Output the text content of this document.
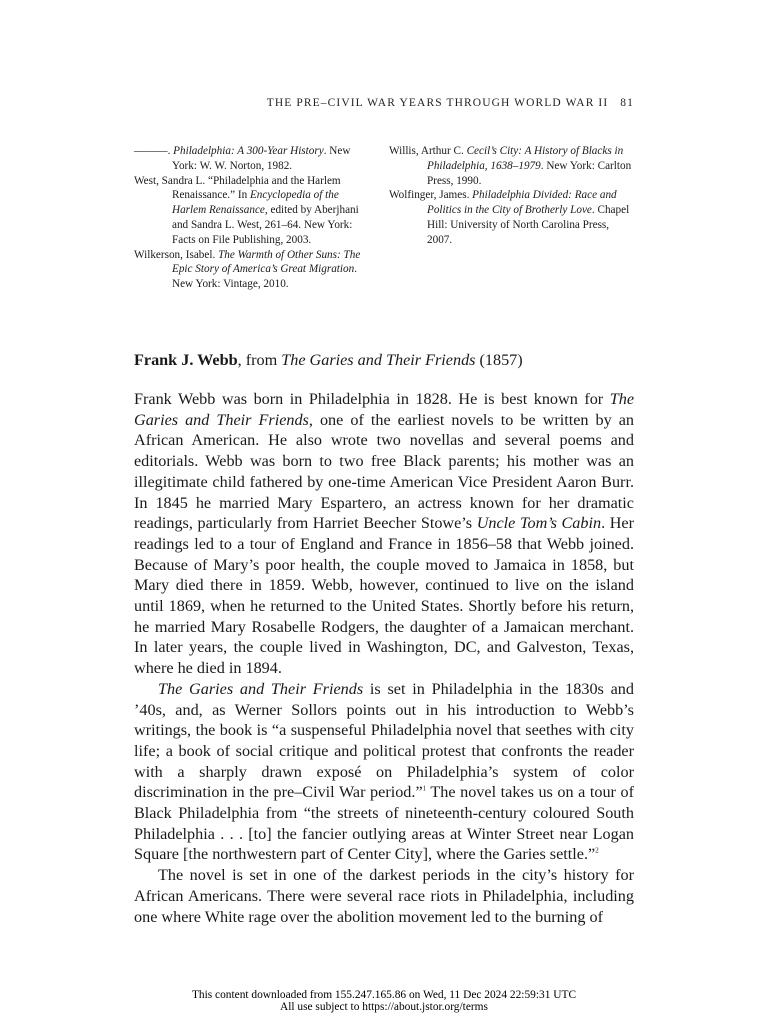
THE PRE–CIVIL WAR YEARS THROUGH WORLD WAR II 81

———. Philadelphia: A 300-Year History. New York: W. W. Norton, 1982.

West, Sandra L. “Philadelphia and the Harlem Renaissance.” In Encyclopedia of the Harlem Renaissance, edited by Aberjhani and Sandra L. West, 261–64. New York: Facts on File Publishing, 2003.

Wilkerson, Isabel. The Warmth of Other Suns: The Epic Story of America’s Great Migration. New York: Vintage, 2010.

Willis, Arthur C. Cecil’s City: A History of Blacks in Philadelphia, 1638–1979. New York: Carlton Press, 1990.

Wolfinger, James. Philadelphia Divided: Race and Politics in the City of Brotherly Love. Chapel Hill: University of North Carolina Press, 2007.

Frank J. Webb, from The Garies and Their Friends (1857)

Frank Webb was born in Philadelphia in 1828. He is best known for The Garies and Their Friends, one of the earliest novels to be written by an African American. He also wrote two novellas and several poems and editorials. Webb was born to two free Black parents; his mother was an illegitimate child fathered by one-time American Vice President Aaron Burr. In 1845 he married Mary Espartero, an actress known for her dramatic readings, particularly from Harriet Beecher Stowe’s Uncle Tom’s Cabin. Her readings led to a tour of England and France in 1856–58 that Webb joined. Because of Mary’s poor health, the couple moved to Jamaica in 1858, but Mary died there in 1859. Webb, however, continued to live on the island until 1869, when he returned to the United States. Shortly before his return, he married Mary Rosabelle Rodgers, the daughter of a Jamaican merchant. In later years, the couple lived in Washington, DC, and Galveston, Texas, where he died in 1894.

The Garies and Their Friends is set in Philadelphia in the 1830s and ’40s, and, as Werner Sollors points out in his introduction to Webb’s writings, the book is “a suspenseful Philadelphia novel that seethes with city life; a book of social critique and political protest that confronts the reader with a sharply drawn exposé on Philadelphia’s system of color discrimination in the pre–Civil War period.”$^1$ The novel takes us on a tour of Black Philadelphia from “the streets of nineteenth-century coloured South Philadelphia . . . [to] the fancier outlying areas at Winter Street near Logan Square [the northwestern part of Center City], where the Garies settle.”$^2$

The novel is set in one of the darkest periods in the city’s history for African Americans. There were several race riots in Philadelphia, including one where White rage over the abolition movement led to the burning of

This content downloaded from 155.247.165.86 on Wed, 11 Dec 2024 22:59:31 UTC
All use subject to https://about.jstor.org/terms
